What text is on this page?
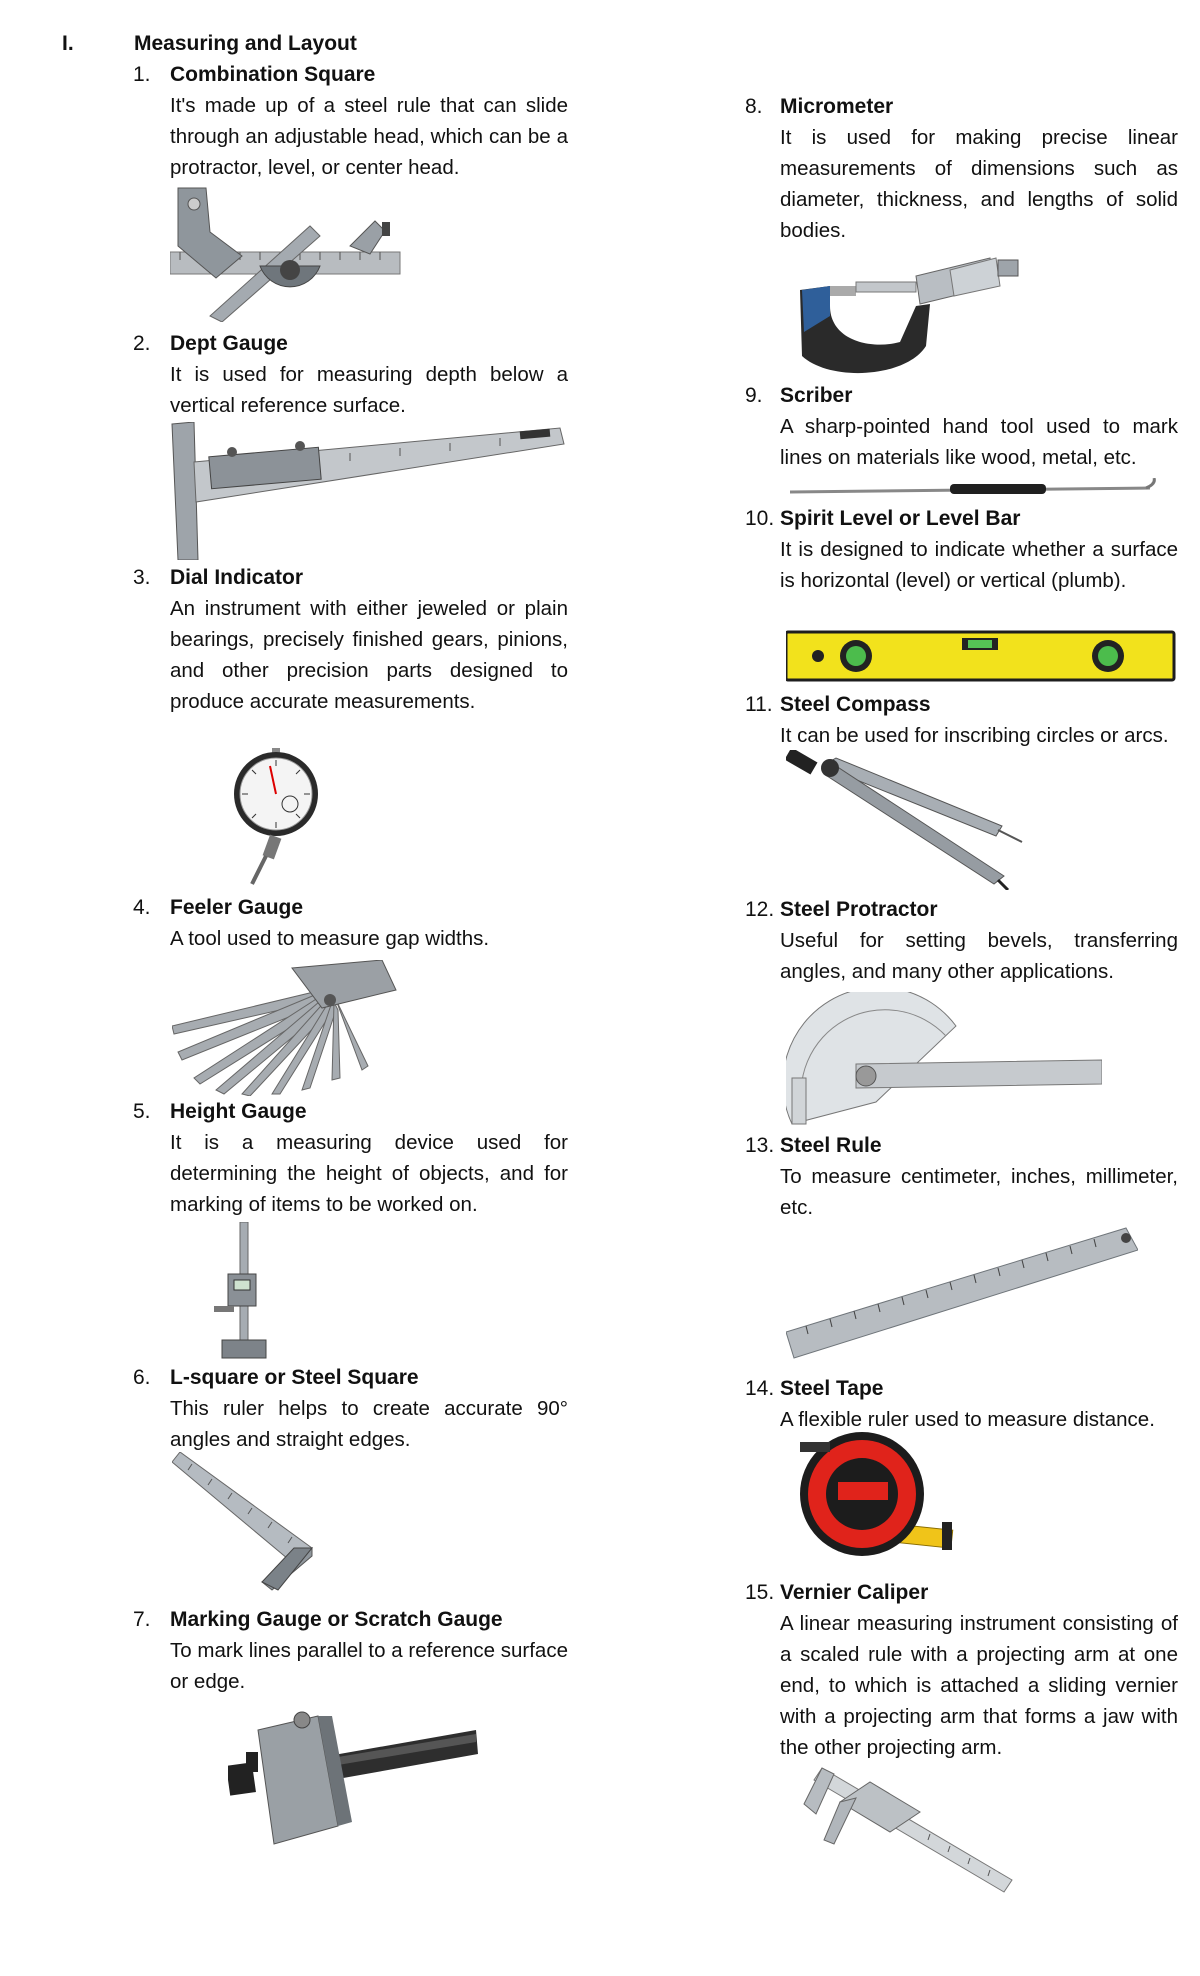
I.	Measuring and Layout
1. Combination Square
It's made up of a steel rule that can slide through an adjustable head, which can be a protractor, level, or center head.
2. Dept Gauge
It is used for measuring depth below a vertical reference surface.
3. Dial Indicator
An instrument with either jeweled or plain bearings, precisely finished gears, pinions, and other precision parts designed to produce accurate measurements.
4. Feeler Gauge
A tool used to measure gap widths.
5. Height Gauge
It is a measuring device used for determining the height of objects, and for marking of items to be worked on.
6. L-square or Steel Square
This ruler helps to create accurate 90° angles and straight edges.
7. Marking Gauge or Scratch Gauge
To mark lines parallel to a reference surface or edge.
8. Micrometer
It is used for making precise linear measurements of dimensions such as diameter, thickness, and lengths of solid bodies.
9. Scriber
A sharp-pointed hand tool used to mark lines on materials like wood, metal, etc.
10. Spirit Level or Level Bar
It is designed to indicate whether a surface is horizontal (level) or vertical (plumb).
11. Steel Compass
It can be used for inscribing circles or arcs.
12. Steel Protractor
Useful for setting bevels, transferring angles, and many other applications.
13. Steel Rule
To measure centimeter, inches, millimeter, etc.
14. Steel Tape
A flexible ruler used to measure distance.
15. Vernier Caliper
A linear measuring instrument consisting of a scaled rule with a projecting arm at one end, to which is attached a sliding vernier with a projecting arm that forms a jaw with the other projecting arm.
